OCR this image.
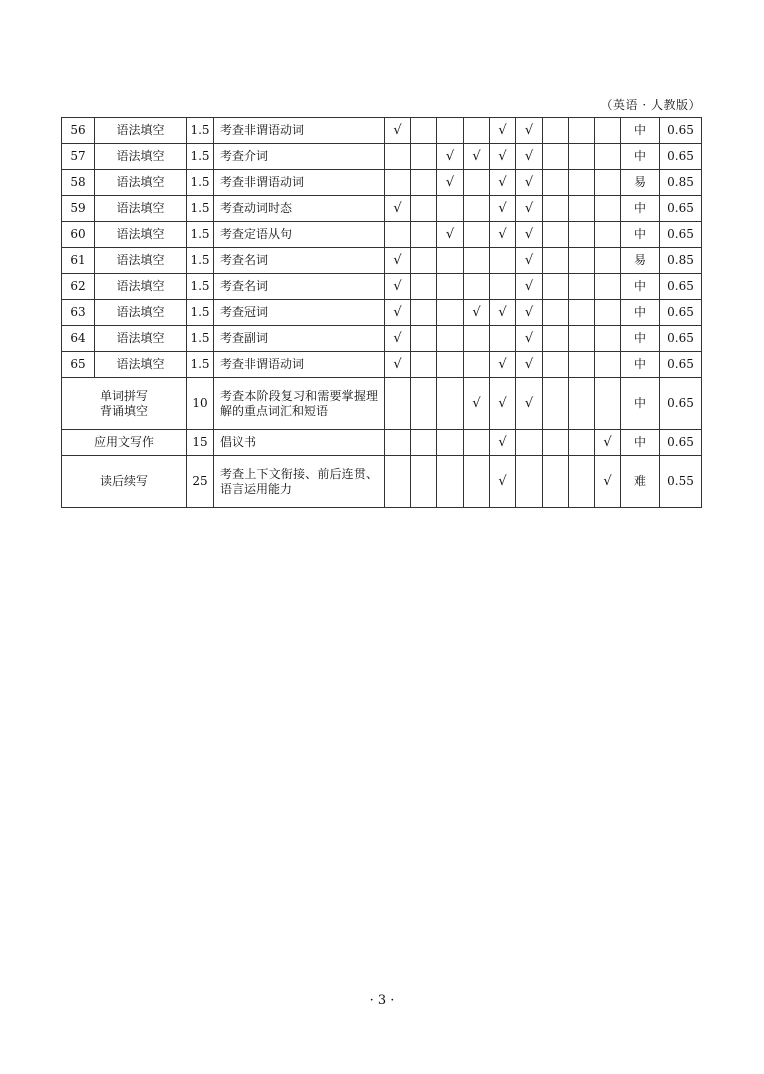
（英语 · 人教版）
56	语法填空	1.5	考查非谓语动词	√				√	√				中	0.65
57	语法填空	1.5	考查介词			√	√	√	√				中	0.65
58	语法填空	1.5	考查非谓语动词			√		√	√				易	0.85
59	语法填空	1.5	考查动词时态	√				√	√				中	0.65
60	语法填空	1.5	考查定语从句			√		√	√				中	0.65
61	语法填空	1.5	考查名词	√					√				易	0.85
62	语法填空	1.5	考查名词	√					√				中	0.65
63	语法填空	1.5	考查冠词	√			√	√	√				中	0.65
64	语法填空	1.5	考查副词	√					√				中	0.65
65	语法填空	1.5	考查非谓语动词	√				√	√				中	0.65
单词拼写
背诵填空		10	考查本阶段复习和需要掌握理解的重点词汇和短语				√	√	√				中	0.65
应用文写作		15	倡议书					√				√	中	0.65
读后续写		25	考查上下文衔接、前后连贯、语言运用能力					√				√	难	0.55
· 3 ·
